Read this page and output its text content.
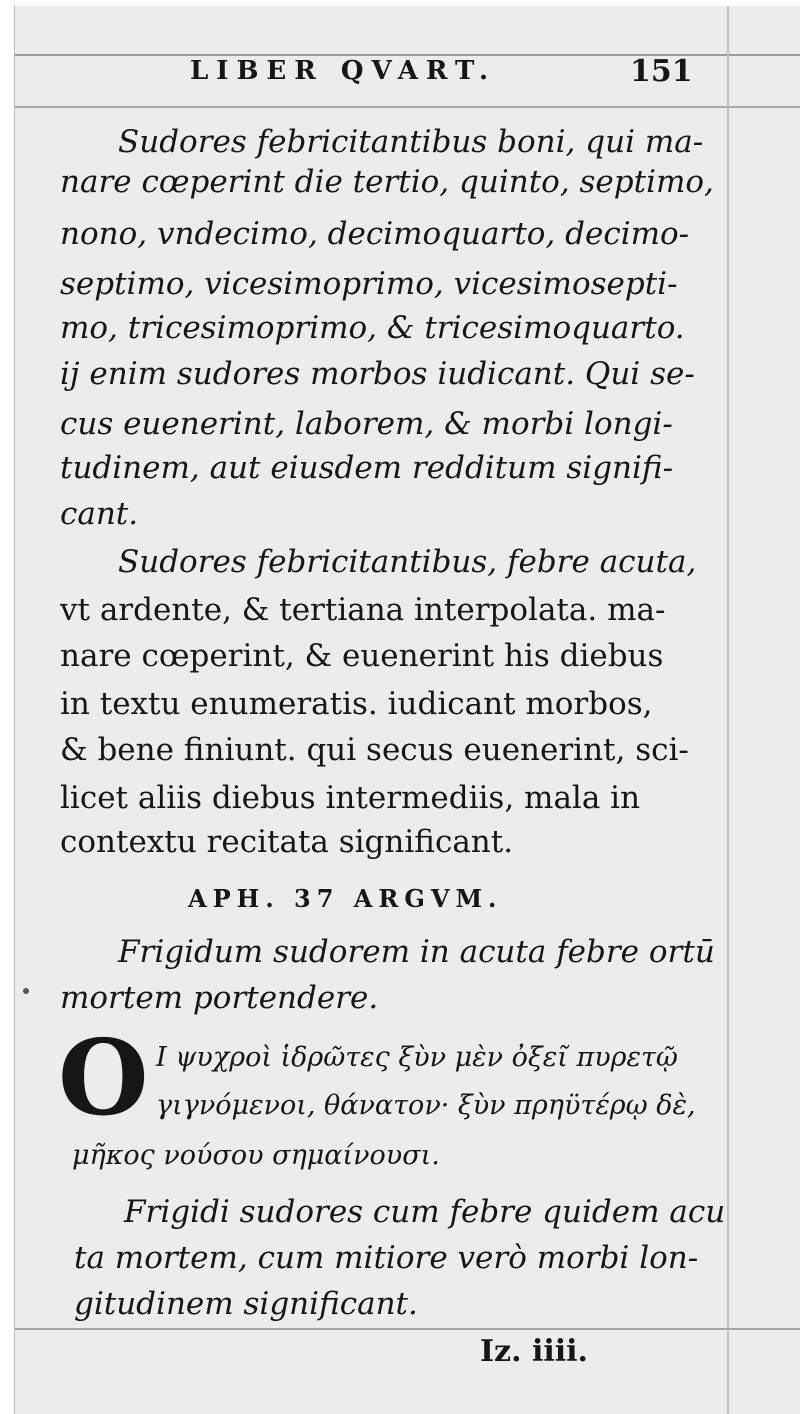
LIBER QVART.	151
Sudores febricitantibus boni, qui ma-
nare cœperint die tertio, quinto, septimo,
nono, vndecimo, decimoquarto, decimo-
septimo, vicesimoprimo, vicesimosepti-
mo, tricesimoprimo, & tricesimoquarto.
ij enim sudores morbos iudicant. Qui se-
cus euenerint, laborem, & morbi longi-
tudinem, aut eiusdem redditum signifi-
cant.
Sudores febricitantibus, febre acuta,
vt ardente, & tertiana interpolata. ma-
nare cœperint, & euenerint his diebus
in textu enumeratis. iudicant morbos,
& bene finiunt. qui secus euenerint, sci-
licet aliis diebus intermediis, mala in
contextu recitata significant.
APH. 37 ARGVM.
Frigidum sudorem in acuta febre ortū
mortem portendere.
O Ι ψυχροὶ ἱδρῶτες ξὺν μὲν ὀξεῖ πυρετῷ
γιγνόμενοι, θάνατον· ξὺν πρηϋτέρῳ δὲ,
μῆκος νούσου σημαίνουσι.
Frigidi sudores cum febre quidem acu
ta mortem, cum mitiore verò morbi lon-
gitudinem significant.
Iz. iiii.
